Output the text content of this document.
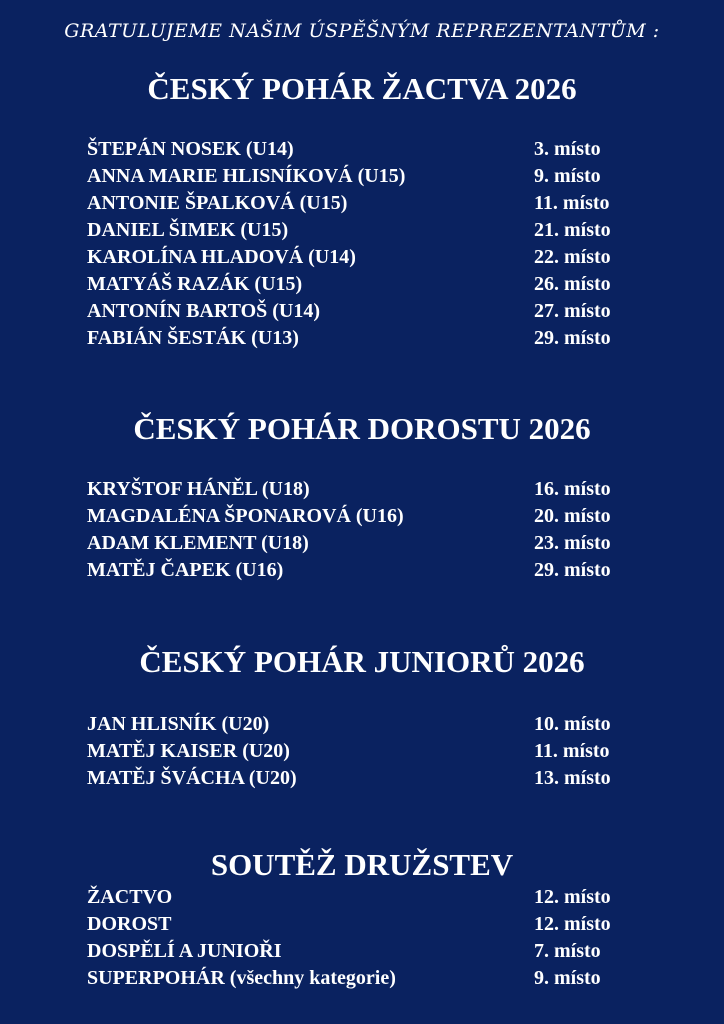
GRATULUJEME NAŠIM ÚSPĚŠNÝM REPREZENTANTŮM :
ČESKÝ POHÁR ŽACTVA 2026
ŠTEPÁN NOSEK (U14)	3. místo
ANNA MARIE HLISNÍKOVÁ (U15)	9. místo
ANTONIE ŠPALKOVÁ (U15)	11. místo
DANIEL ŠIMEK (U15)	21. místo
KAROLÍNA HLADOVÁ (U14)	22. místo
MATYÁŠ RAZÁK (U15)	26. místo
ANTONÍN BARTOŠ (U14)	27. místo
FABIÁN ŠESTÁK (U13)	29. místo
ČESKÝ POHÁR DOROSTU 2026
KRYŠTOF HÁNĚL (U18)	16. místo
MAGDALÉNA ŠPONAROVÁ (U16)	20. místo
ADAM KLEMENT (U18)	23. místo
MATĚJ ČAPEK (U16)	29. místo
ČESKÝ POHÁR JUNIORŮ 2026
JAN HLISNÍK (U20)	10. místo
MATĚJ KAISER (U20)	11. místo
MATĚJ ŠVÁCHA (U20)	13. místo
SOUTĚŽ DRUŽSTEV
ŽACTVO	12. místo
DOROST	12. místo
DOSPĚLÍ A JUNIOŘI	7. místo
SUPERPOHÁR (všechny kategorie)	9. místo
